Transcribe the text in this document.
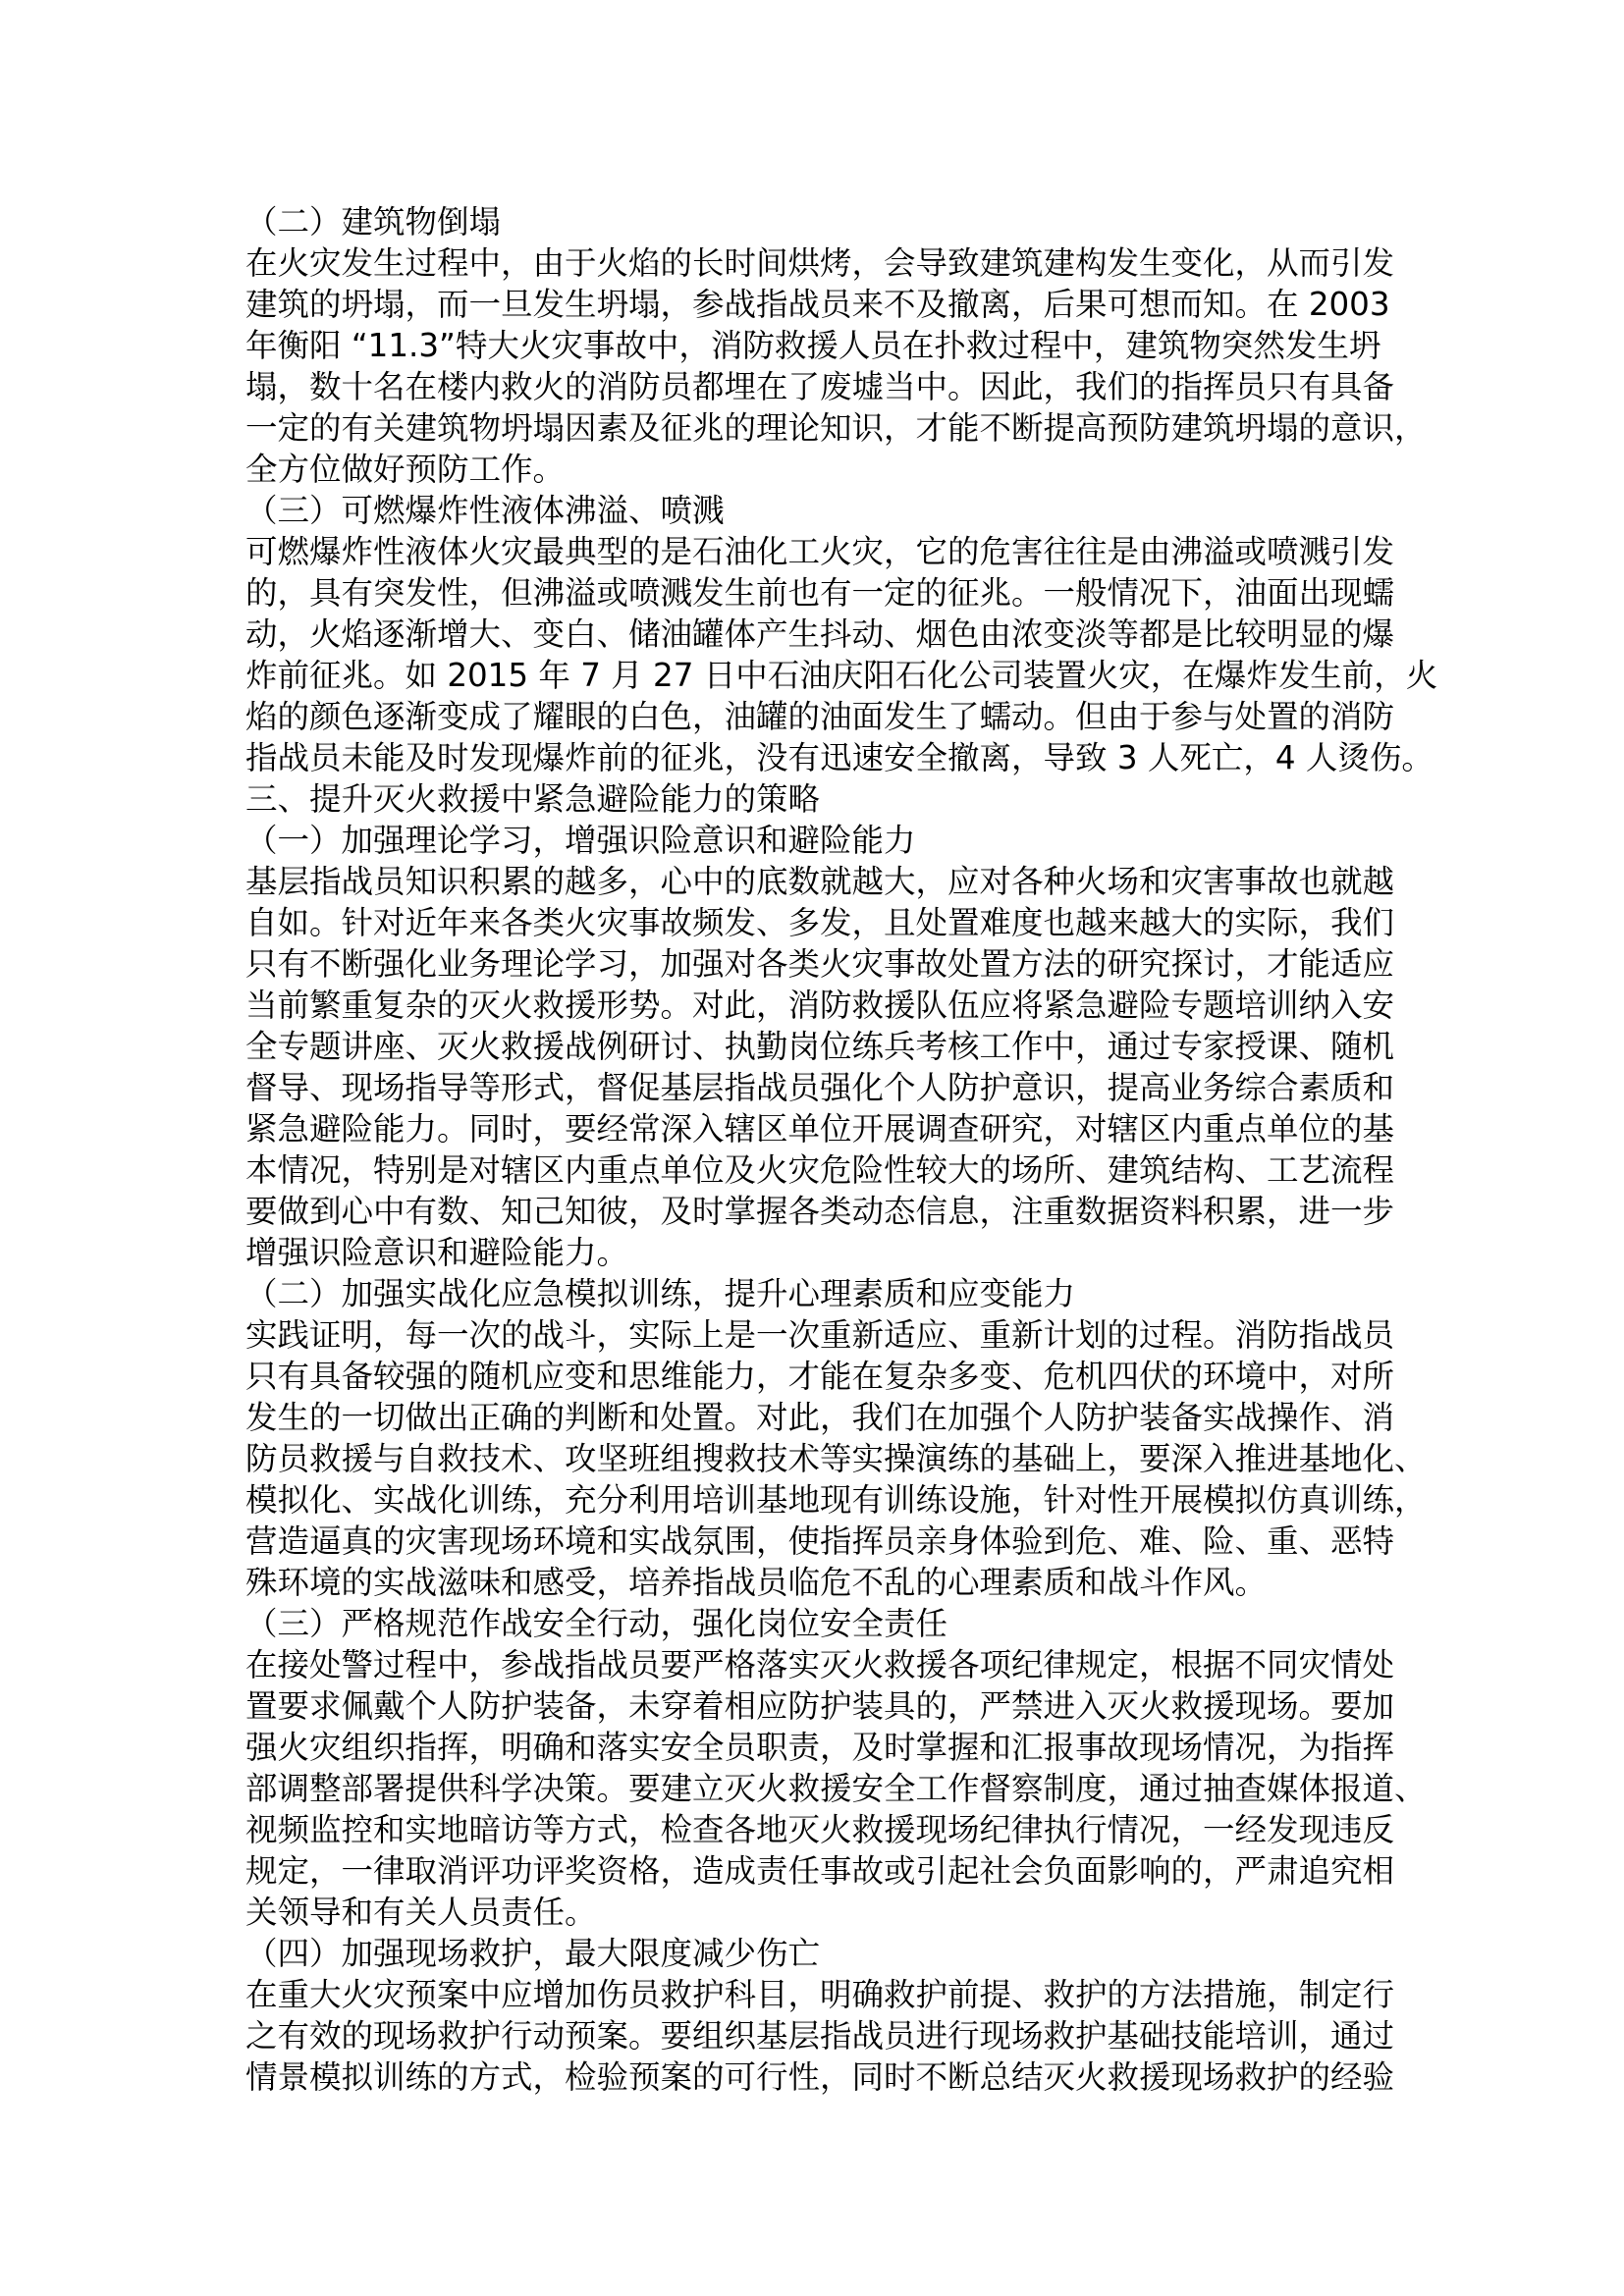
（二）建筑物倒塌
在火灾发生过程中，由于火焰的长时间烘烤，会导致建筑建构发生变化，从而引发
建筑的坍塌，而一旦发生坍塌，参战指战员来不及撤离，后果可想而知。在 2003
年衡阳 “11.3”特大火灾事故中，消防救援人员在扑救过程中，建筑物突然发生坍
塌，数十名在楼内救火的消防员都埋在了废墟当中。因此，我们的指挥员只有具备
一定的有关建筑物坍塌因素及征兆的理论知识，才能不断提高预防建筑坍塌的意识，
全方位做好预防工作。
（三）可燃爆炸性液体沸溢、喷溅
可燃爆炸性液体火灾最典型的是石油化工火灾，它的危害往往是由沸溢或喷溅引发
的，具有突发性，但沸溢或喷溅发生前也有一定的征兆。一般情况下，油面出现蠕
动，火焰逐渐增大、变白、储油罐体产生抖动、烟色由浓变淡等都是比较明显的爆
炸前征兆。如 2015 年 7 月 27 日中石油庆阳石化公司装置火灾，在爆炸发生前，火
焰的颜色逐渐变成了耀眼的白色，油罐的油面发生了蠕动。但由于参与处置的消防
指战员未能及时发现爆炸前的征兆，没有迅速安全撤离，导致 3 人死亡，4 人烫伤。
三、提升灭火救援中紧急避险能力的策略
（一）加强理论学习，增强识险意识和避险能力
基层指战员知识积累的越多，心中的底数就越大，应对各种火场和灾害事故也就越
自如。针对近年来各类火灾事故频发、多发，且处置难度也越来越大的实际，我们
只有不断强化业务理论学习，加强对各类火灾事故处置方法的研究探讨，才能适应
当前繁重复杂的灭火救援形势。对此，消防救援队伍应将紧急避险专题培训纳入安
全专题讲座、灭火救援战例研讨、执勤岗位练兵考核工作中，通过专家授课、随机
督导、现场指导等形式，督促基层指战员强化个人防护意识，提高业务综合素质和
紧急避险能力。同时，要经常深入辖区单位开展调查研究，对辖区内重点单位的基
本情况，特别是对辖区内重点单位及火灾危险性较大的场所、建筑结构、工艺流程
要做到心中有数、知己知彼，及时掌握各类动态信息，注重数据资料积累，进一步
增强识险意识和避险能力。
（二）加强实战化应急模拟训练，提升心理素质和应变能力
实践证明，每一次的战斗，实际上是一次重新适应、重新计划的过程。消防指战员
只有具备较强的随机应变和思维能力，才能在复杂多变、危机四伏的环境中，对所
发生的一切做出正确的判断和处置。对此，我们在加强个人防护装备实战操作、消
防员救援与自救技术、攻坚班组搜救技术等实操演练的基础上，要深入推进基地化、
模拟化、实战化训练，充分利用培训基地现有训练设施，针对性开展模拟仿真训练，
营造逼真的灾害现场环境和实战氛围，使指挥员亲身体验到危、难、险、重、恶特
殊环境的实战滋味和感受，培养指战员临危不乱的心理素质和战斗作风。
（三）严格规范作战安全行动，强化岗位安全责任
在接处警过程中，参战指战员要严格落实灭火救援各项纪律规定，根据不同灾情处
置要求佩戴个人防护装备，未穿着相应防护装具的，严禁进入灭火救援现场。要加
强火灾组织指挥，明确和落实安全员职责，及时掌握和汇报事故现场情况，为指挥
部调整部署提供科学决策。要建立灭火救援安全工作督察制度，通过抽查媒体报道、
视频监控和实地暗访等方式，检查各地灭火救援现场纪律执行情况，一经发现违反
规定，一律取消评功评奖资格，造成责任事故或引起社会负面影响的，严肃追究相
关领导和有关人员责任。
（四）加强现场救护，最大限度减少伤亡
在重大火灾预案中应增加伤员救护科目，明确救护前提、救护的方法措施，制定行
之有效的现场救护行动预案。要组织基层指战员进行现场救护基础技能培训，通过
情景模拟训练的方式，检验预案的可行性，同时不断总结灭火救援现场救护的经验
